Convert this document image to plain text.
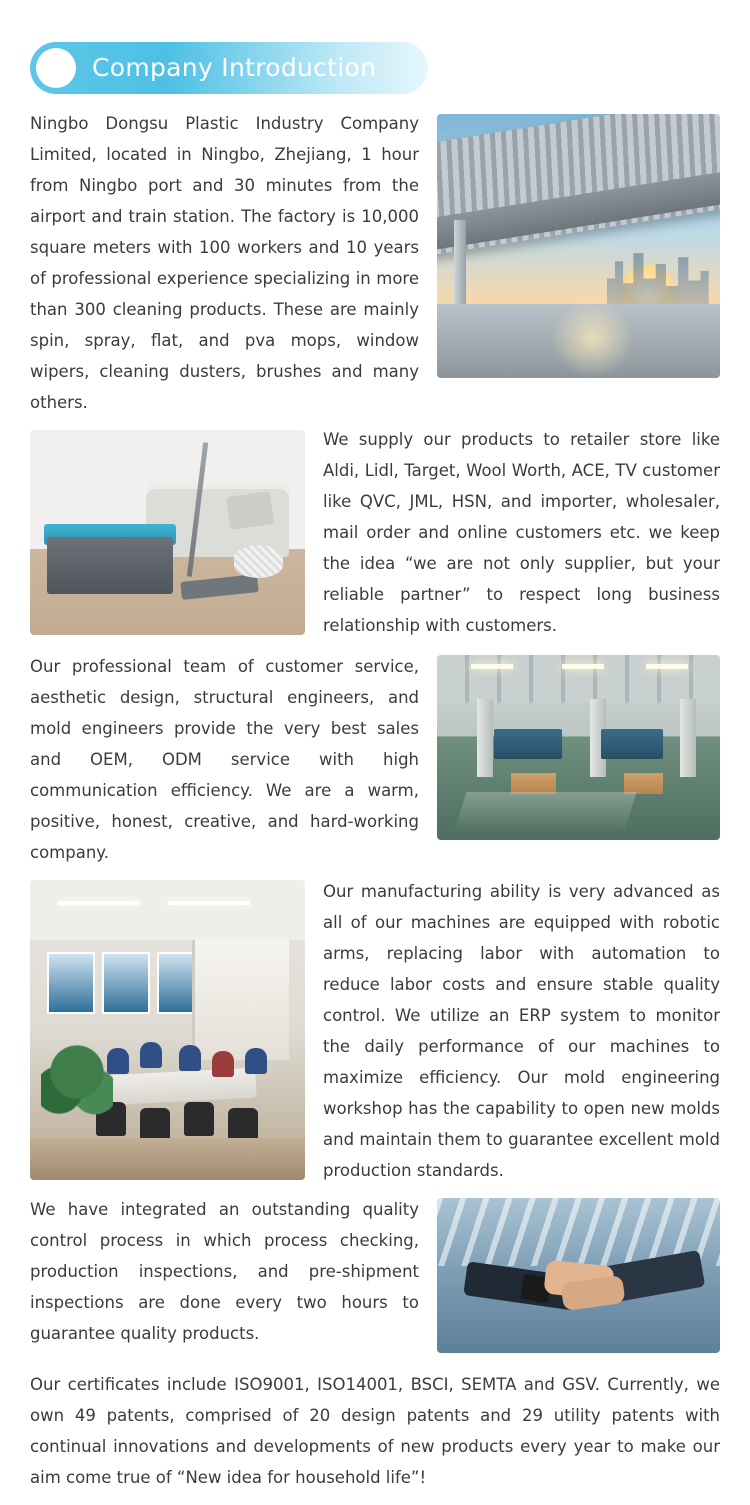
Company Introduction
Ningbo Dongsu Plastic Industry Company Limited, located in Ningbo, Zhejiang, 1 hour from Ningbo port and 30 minutes from the airport and train station. The factory is 10,000 square meters with 100 workers and 10 years of professional experience specializing in more than 300 cleaning products. These are mainly spin, spray, flat, and pva mops, window wipers, cleaning dusters, brushes and many others.
We supply our products to retailer store like Aldi, Lidl, Target, Wool Worth, ACE, TV customer like QVC, JML, HSN, and importer, wholesaler, mail order and online customers etc. we keep the idea “we are not only supplier, but your reliable partner” to respect long business relationship with customers.
Our professional team of customer service, aesthetic design, structural engineers, and mold engineers provide the very best sales and OEM, ODM service with high communication efficiency. We are a warm, positive, honest, creative, and hard-working company.
Our manufacturing ability is very advanced as all of our machines are equipped with robotic arms, replacing labor with automation to reduce labor costs and ensure stable quality control. We utilize an ERP system to monitor the daily performance of our machines to maximize efficiency. Our mold engineering workshop has the capability to open new molds and maintain them to guarantee excellent mold production standards.
We have integrated an outstanding quality control process in which process checking, production inspections, and pre-shipment inspections are done every two hours to guarantee quality products.
Our certificates include ISO9001, ISO14001, BSCI, SEMTA and GSV. Currently, we own 49 patents, comprised of 20 design patents and 29 utility patents with continual innovations and developments of new products every year to make our aim come true of “New idea for household life”!
